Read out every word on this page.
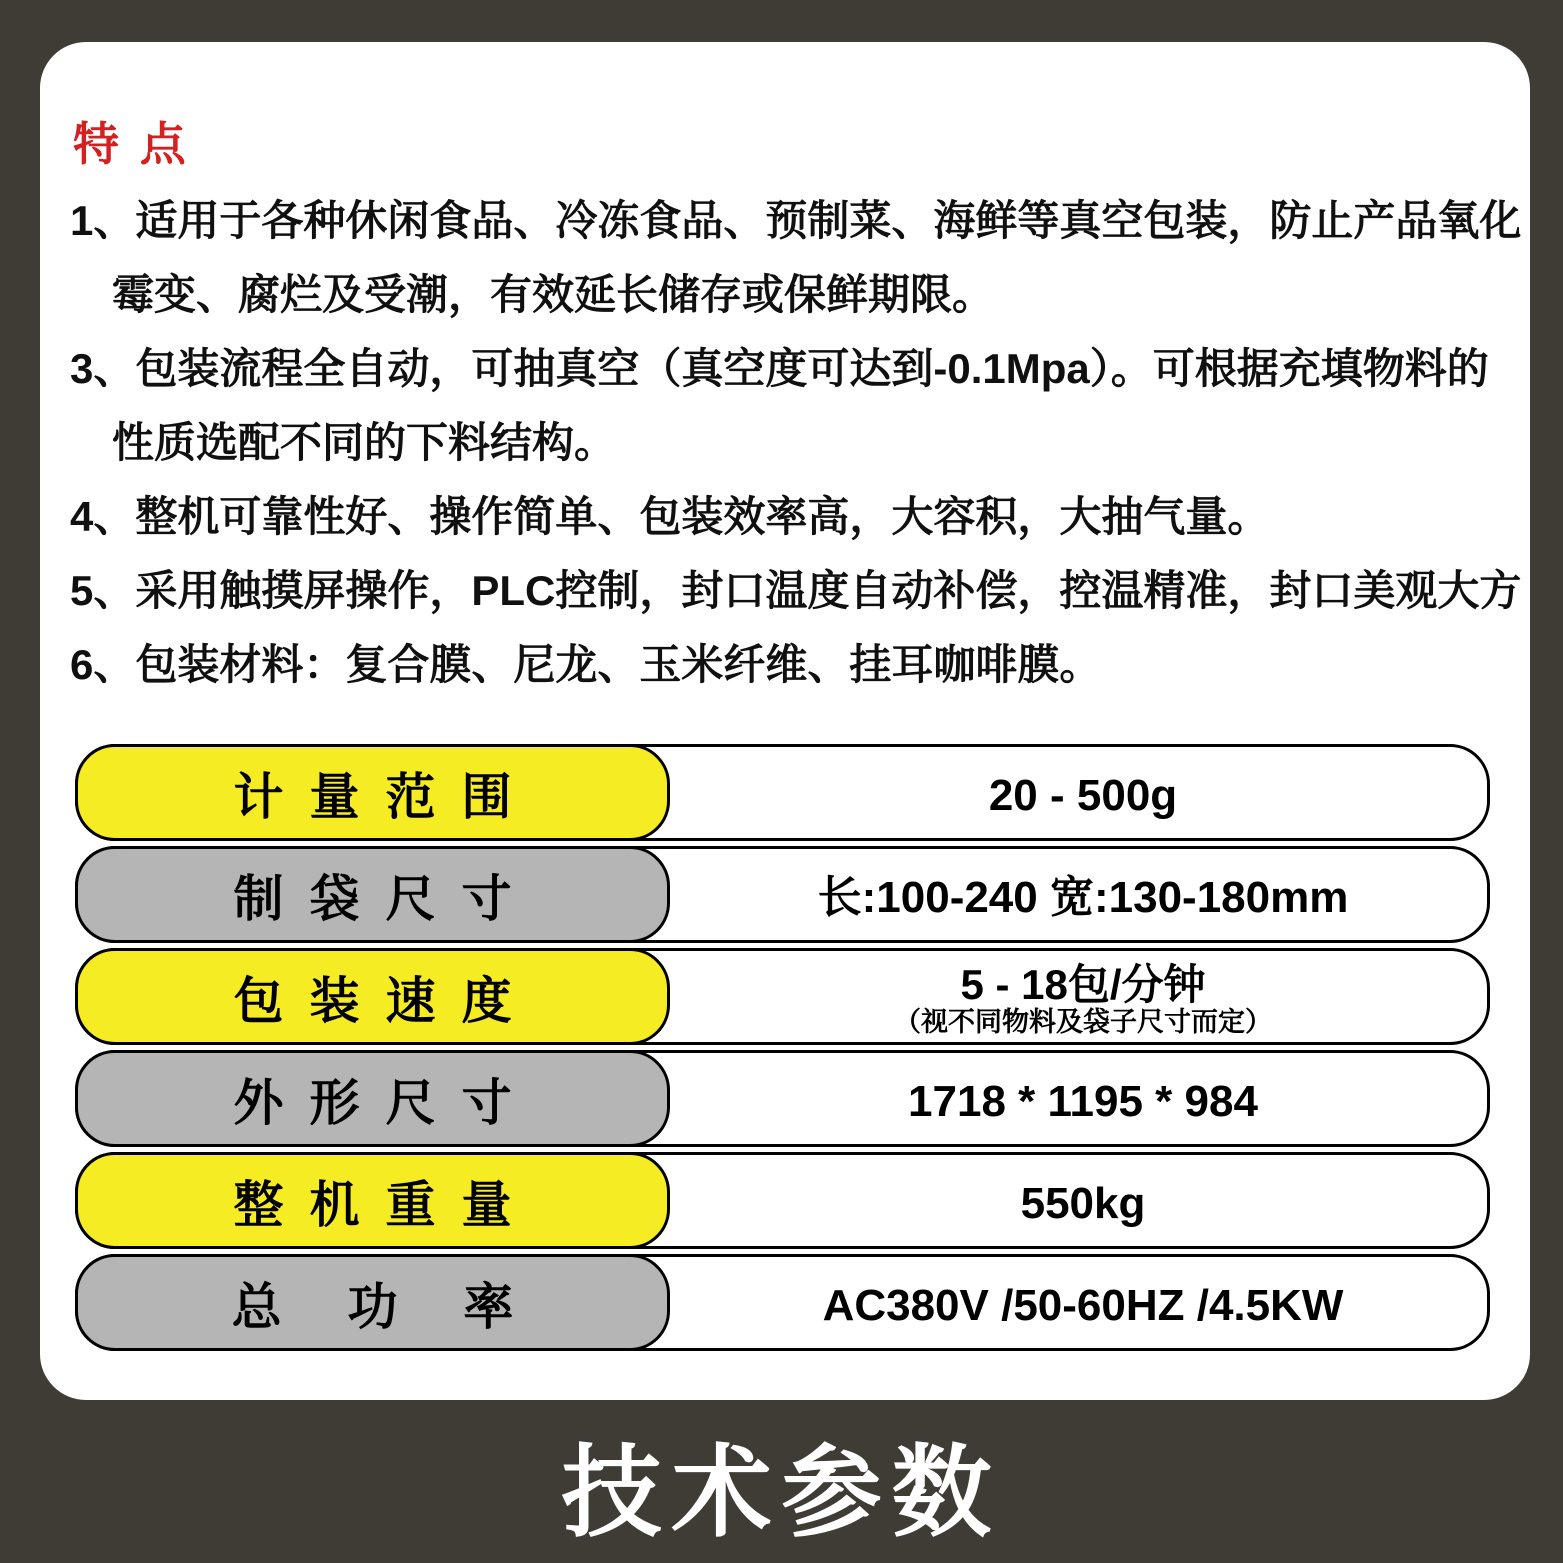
特 点
1、适用于各种休闲食品、冷冻食品、预制菜、海鲜等真空包装，防止产品氧化
霉变、腐烂及受潮，有效延长储存或保鲜期限。
3、包装流程全自动，可抽真空（真空度可达到-0.1Mpa）。可根据充填物料的
性质选配不同的下料结构。
4、整机可靠性好、操作简单、包装效率高，大容积，大抽气量。
5、采用触摸屏操作，PLC控制，封口温度自动补偿，控温精准，封口美观大方
6、包装材料：复合膜、尼龙、玉米纤维、挂耳咖啡膜。
20 - 500g
计量范围
长:100-240 宽:130-180mm
制袋尺寸
5 - 18包/分钟
（视不同物料及袋子尺寸而定）
包装速度
1718 * 1195 * 984
外形尺寸
550kg
整机重量
AC380V /50-60HZ /4.5KW
总 功 率
技术参数
